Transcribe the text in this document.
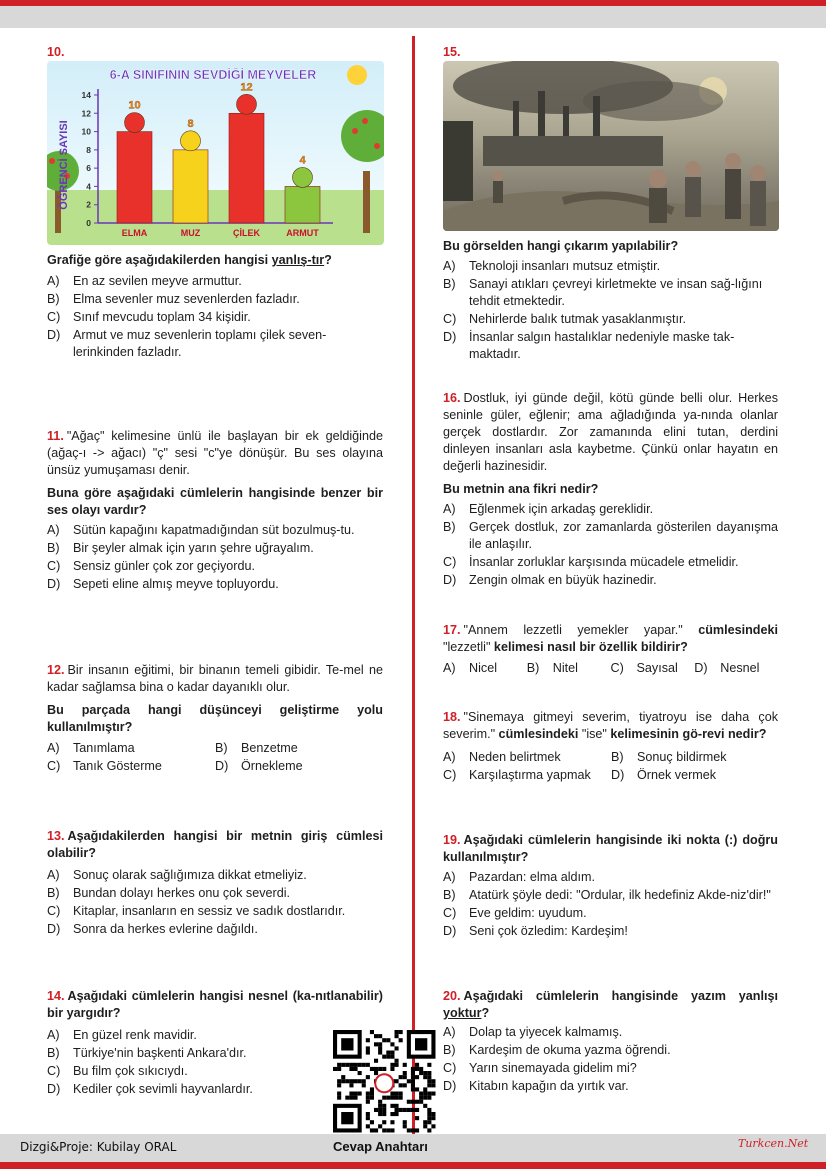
10.
6-A SINIFININ SEVDİĞİ MEYVELER
ÖĞRENCİ SAYISI
0
2
4
6
8
10
12
14
10
ELMA
8
MUZ
12
ÇİLEK
4
ARMUT
Grafiğe göre aşağıdakilerden hangisi yanlış-tır?
A)	En az sevilen meyve armuttur.
B)	Elma sevenler muz sevenlerden fazladır.
C)	Sınıf mevcudu toplam 34 kişidir.
D)	Armut ve muz sevenlerin toplamı çilek seven-lerinkinden fazladır.
11. "Ağaç" kelimesine ünlü ile başlayan bir ek geldiğinde (ağaç-ı -> ağacı) "ç" sesi "c"ye dönüşür. Bu ses olayına ünsüz yumuşaması denir.
Buna göre aşağıdaki cümlelerin hangisinde benzer bir ses olayı vardır?
A)	Sütün kapağını kapatmadığından süt bozulmuş-tu.
B)	Bir şeyler almak için yarın şehre uğrayalım.
C)	Sensiz günler çok zor geçiyordu.
D)	Sepeti eline almış meyve topluyordu.
12. Bir insanın eğitimi, bir binanın temeli gibidir. Te-mel ne kadar sağlamsa bina o kadar dayanıklı olur.
Bu parçada hangi düşünceyi geliştirme yolu kullanılmıştır?
A)	Tanımlama	B)	Benzetme
C)	Tanık Gösterme	D)	Örnekleme
13. Aşağıdakilerden hangisi bir metnin giriş cümlesi olabilir?
A)	Sonuç olarak sağlığımıza dikkat etmeliyiz.
B)	Bundan dolayı herkes onu çok severdi.
C)	Kitaplar, insanların en sessiz ve sadık dostlarıdır.
D)	Sonra da herkes evlerine dağıldı.
14. Aşağıdaki cümlelerin hangisi nesnel (ka-nıtlanabilir) bir yargıdır?
A)	En güzel renk mavidir.
B)	Türkiye'nin başkenti Ankara'dır.
C)	Bu film çok sıkıcıydı.
D)	Kediler çok sevimli hayvanlardır.
15.
Bu görselden hangi çıkarım yapılabilir?
A)	Teknoloji insanları mutsuz etmiştir.
B)	Sanayi atıkları çevreyi kirletmekte ve insan sağ-lığını tehdit etmektedir.
C)	Nehirlerde balık tutmak yasaklanmıştır.
D)	İnsanlar salgın hastalıklar nedeniyle maske tak-maktadır.
16. Dostluk, iyi günde değil, kötü günde belli olur. Herkes seninle güler, eğlenir; ama ağladığında ya-nında olanlar gerçek dostlardır. Zor zamanında elini tutan, derdini dinleyen insanları asla kaybetme. Çünkü onlar hayatın en değerli hazinesidir.
Bu metnin ana fikri nedir?
A)	Eğlenmek için arkadaş gereklidir.
B)	Gerçek dostluk, zor zamanlarda gösterilen dayanışma ile anlaşılır.
C)	İnsanlar zorluklar karşısında mücadele etmelidir.
D)	Zengin olmak en büyük hazinedir.
17. "Annem lezzetli yemekler yapar." cümlesindeki "lezzetli" kelimesi nasıl bir özellik bildirir?
A)	Nicel B)	Nitel	C)	Sayısal D)	Nesnel
18. "Sinemaya gitmeyi severim, tiyatroyu ise daha çok severim." cümlesindeki "ise" kelimesinin gö-revi nedir?
A)	Neden belirtmek	B)	Sonuç bildirmek
C)	Karşılaştırma yapmak D)	Örnek vermek
19. Aşağıdaki cümlelerin hangisinde iki nokta (:) doğru kullanılmıştır?
A)	Pazardan: elma aldım.
B)	Atatürk şöyle dedi: "Ordular, ilk hedefiniz Akde-niz'dir!"
C)	Eve geldim: uyudum.
D)	Seni çok özledim: Kardeşim!
20. Aşağıdaki cümlelerin hangisinde yazım yanlışı yoktur?
A)	Dolap ta yiyecek kalmamış.
B)	Kardeşim de okuma yazma öğrendi.
C)	Yarın sinemayada gidelim mi?
D)	Kitabın kapağın da yırtık var.
Dizgi&Proje: Kubilay ORAL	Cevap Anahtarı	Turkcen.Net
